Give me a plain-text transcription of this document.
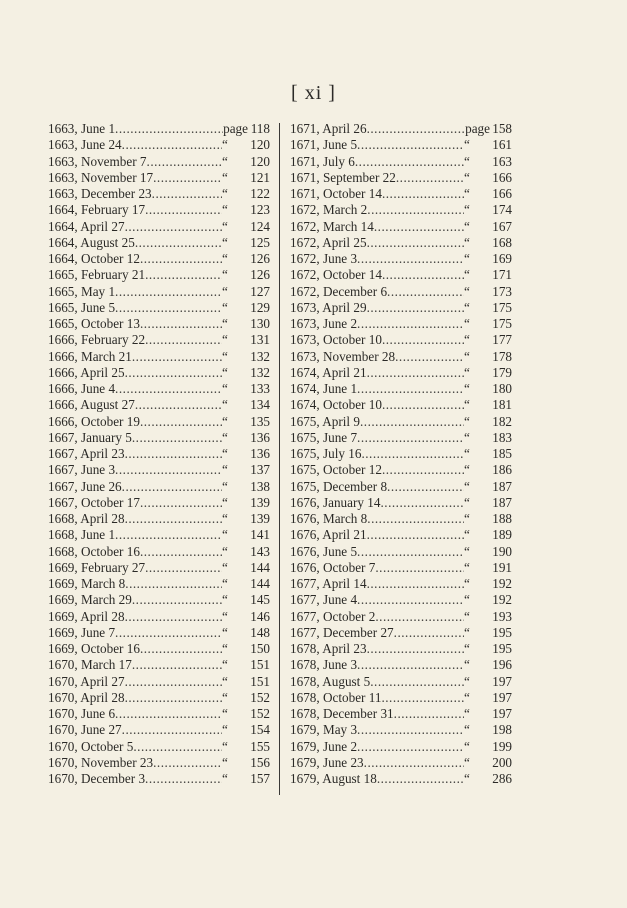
[ xi ]
1663, June 1 .....	page 118
1663, June 24 .....	“ 120
1663, November 7 .....	“ 120
1663, November 17 .....	“ 121
1663, December 23 .....	“ 122
1664, February 17 .....	“ 123
1664, April 27 .....	“ 124
1664, August 25 .....	“ 125
1664, October 12 .....	“ 126
1665, February 21 .....	“ 126
1665, May 1 .....	“ 127
1665, June 5 .....	“ 129
1665, October 13 .....	“ 130
1666, February 22 .....	“ 131
1666, March 21 .....	“ 132
1666, April 25 .....	“ 132
1666, June 4 .....	“ 133
1666, August 27 .....	“ 134
1666, October 19 .....	“ 135
1667, January 5 .....	“ 136
1667, April 23 .....	“ 136
1667, June 3 .....	“ 137
1667, June 26 .....	“ 138
1667, October 17 .....	“ 139
1668, April 28 .....	“ 139
1668, June 1 .....	“ 141
1668, October 16 .....	“ 143
1669, February 27 .....	“ 144
1669, March 8 .....	“ 144
1669, March 29 .....	“ 145
1669, April 28 .....	“ 146
1669, June 7 .....	“ 148
1669, October 16 .....	“ 150
1670, March 17 .....	“ 151
1670, April 27 .....	“ 151
1670, April 28 .....	“ 152
1670, June 6 .....	“ 152
1670, June 27 .....	“ 154
1670, October 5 .....	“ 155
1670, November 23 .....	“ 156
1670, December 3 .....	“ 157
1671, April 26 .....	page 158
1671, June 5 .....	“ 161
1671, July 6 .....	“ 163
1671, September 22 .....	“ 166
1671, October 14 .....	“ 166
1672, March 2 .....	“ 174
1672, March 14 .....	“ 167
1672, April 25 .....	“ 168
1672, June 3 .....	“ 169
1672, October 14 .....	“ 171
1672, December 6 .....	“ 173
1673, April 29 .....	“ 175
1673, June 2 .....	“ 175
1673, October 10 .....	“ 177
1673, November 28 .....	“ 178
1674, April 21 .....	“ 179
1674, June 1 .....	“ 180
1674, October 10 .....	“ 181
1675, April 9 .....	“ 182
1675, June 7 .....	“ 183
1675, July 16 .....	“ 185
1675, October 12 .....	“ 186
1675, December 8 .....	“ 187
1676, January 14 .....	“ 187
1676, March 8 .....	“ 188
1676, April 21 .....	“ 189
1676, June 5 .....	“ 190
1676, October 7 .....	“ 191
1677, April 14 .....	“ 192
1677, June 4 .....	“ 192
1677, October 2 .....	“ 193
1677, December 27 .....	“ 195
1678, April 23 .....	“ 195
1678, June 3 .....	“ 196
1678, August 5 .....	“ 197
1678, October 11 .....	“ 197
1678, December 31 .....	“ 197
1679, May 3 .....	“ 198
1679, June 2 .....	“ 199
1679, June 23 .....	“ 200
1679, August 18 .....	“ 286
